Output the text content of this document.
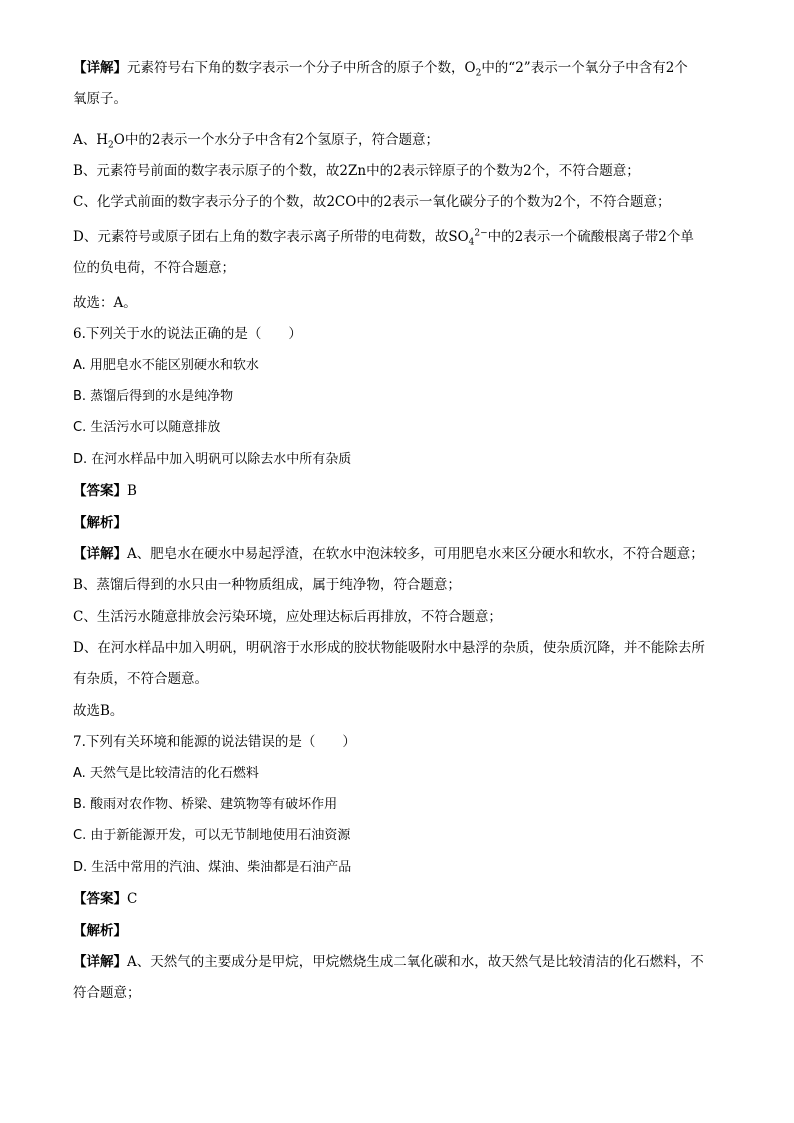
【详解】元素符号右下角的数字表示一个分子中所含的原子个数，$O_2$中的“2”表示一个氧分子中含有2个
氧原子。
A、$H_2O$中的2表示一个水分子中含有2个氢原子，符合题意；
B、元素符号前面的数字表示原子的个数，故2Zn中的2表示锌原子的个数为2个，不符合题意；
C、化学式前面的数字表示分子的个数，故2CO中的2表示一氧化碳分子的个数为2个，不符合题意；
D、元素符号或原子团右上角的数字表示离子所带的电荷数，故$SO_4^{2-}$中的2表示一个硫酸根离子带2个单
位的负电荷，不符合题意；
故选：A。
6.下列关于水的说法正确的是（　　）
A. 用肥皂水不能区别硬水和软水
B. 蒸馏后得到的水是纯净物
C. 生活污水可以随意排放
D. 在河水样品中加入明矾可以除去水中所有杂质
【答案】B
【解析】
【详解】A、肥皂水在硬水中易起浮渣，在软水中泡沫较多，可用肥皂水来区分硬水和软水，不符合题意；
B、蒸馏后得到的水只由一种物质组成，属于纯净物，符合题意；
C、生活污水随意排放会污染环境，应处理达标后再排放，不符合题意；
D、在河水样品中加入明矾，明矾溶于水形成的胶状物能吸附水中悬浮的杂质，使杂质沉降，并不能除去所
有杂质，不符合题意。
故选B。
7.下列有关环境和能源的说法错误的是（　　）
A. 天然气是比较清洁的化石燃料
B. 酸雨对农作物、桥梁、建筑物等有破坏作用
C. 由于新能源开发，可以无节制地使用石油资源
D. 生活中常用的汽油、煤油、柴油都是石油产品
【答案】C
【解析】
【详解】A、天然气的主要成分是甲烷，甲烷燃烧生成二氧化碳和水，故天然气是比较清洁的化石燃料，不
符合题意；
